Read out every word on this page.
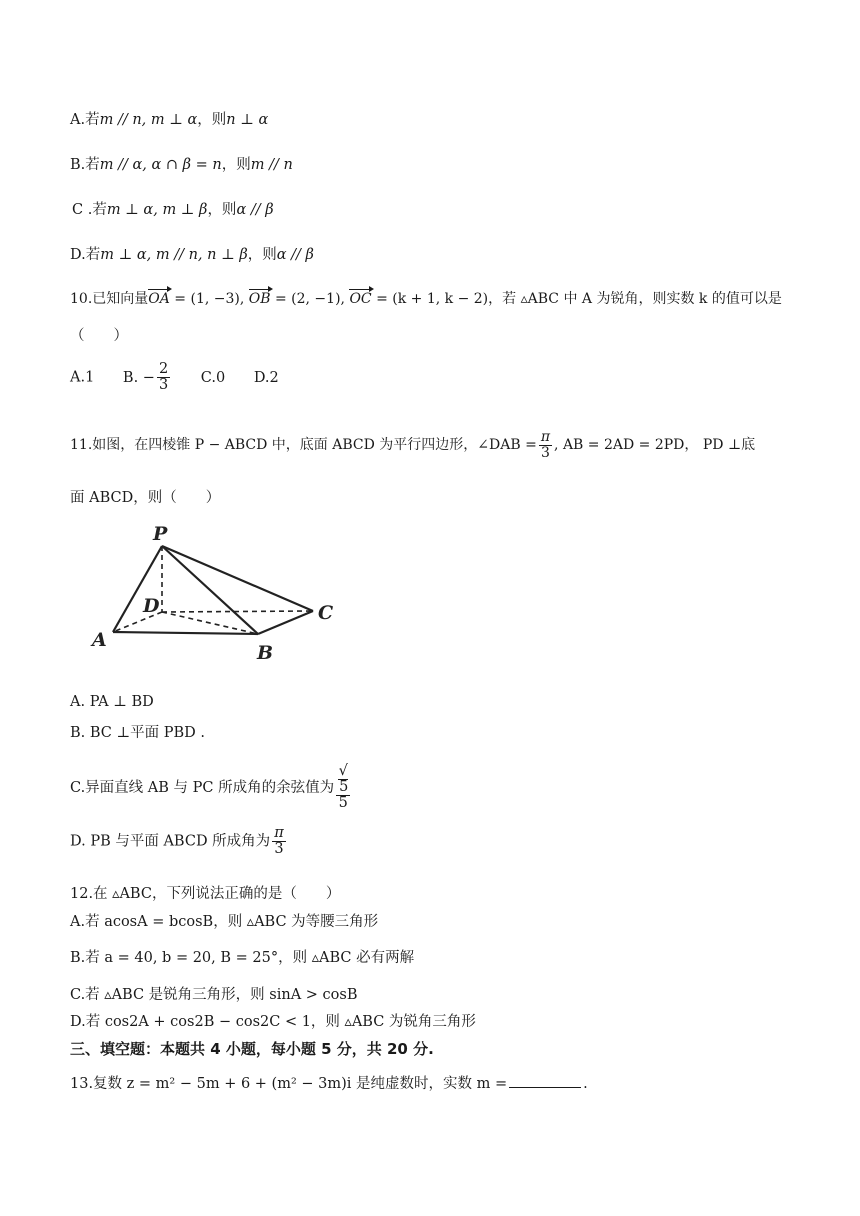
A.若m // n, m ⊥ α，则n ⊥ α
B.若m // α, α ∩ β = n，则m // n
C .若m ⊥ α, m ⊥ β，则α // β
D.若m ⊥ α, m // n, n ⊥ β，则α // β
10.已知向量OA = (1, −3), OB = (2, −1), OC = (k + 1, k − 2)，若 ▵ABC 中 A 为锐角，则实数 k 的值可以是
（　　）
A.1 B. − $\frac{2}{3} C.0$ D.2
11.如图，在四棱锥 P − ABCD 中，底面 ABCD 为平行四边形，∠DAB = $\frac{\pi}{3}$ , AB = 2AD = 2PD， PD ⊥底
面 ABCD，则（　　）
P
D	C
A
B
A. PA ⊥ BD
B. BC ⊥平面 PBD .
C.异面直线 AB 与 PC 所成角的余弦值为 √
5
5
D. PB 与平面 ABCD 所成角为 $\frac{\pi}{3}$
12.在 ▵ABC，下列说法正确的是（　　）
A.若 acosA = bcosB，则 ▵ABC 为等腰三角形
B.若 a = 40, b = 20, B = 25°，则 ▵ABC 必有两解
C.若 ▵ABC 是锐角三角形，则 sinA > cosB
D.若 cos2A + cos2B − cos2C < 1，则 ▵ABC 为锐角三角形
三、填空题：本题共 4 小题，每小题 5 分，共 20 分.
13.复数 z = m² − 5m + 6 + (m² − 3m)i 是纯虚数时，实数 m =	.
